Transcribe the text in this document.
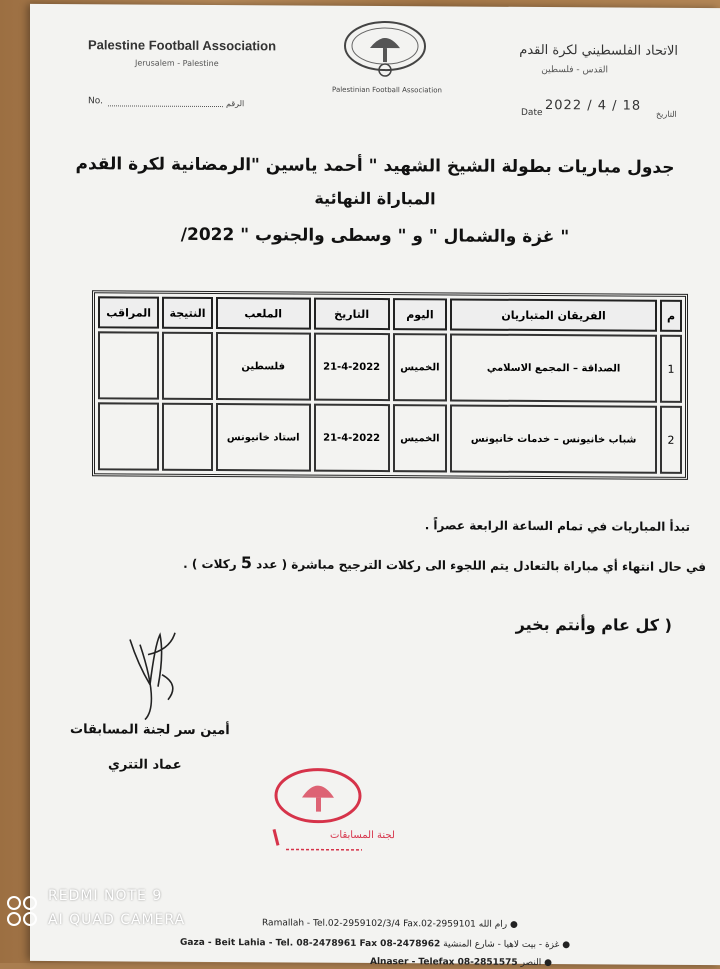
Palestine Football Association
Jerusalem - Palestine
الاتحاد الفلسطيني لكرة القدم
القدس - فلسطين
Palestinian Football Association
No.	الرقم
Date 2022 / 4 / 18
التاريخ
جدول مباريات بطولة الشيخ الشهيد " أحمد ياسين "الرمضانية لكرة القدم
المباراة النهائية
" غزة والشمال " و " وسطى والجنوب " 2022/
م	الفريقان المتباريان	اليوم	التاريخ	الملعب	النتيجة	المراقب
1	الصداقة – المجمع الاسلامي	الخميس	21-4-2022	فلسطين		
2	شباب خانيونس – خدمات خانيونس	الخميس	21-4-2022	استاد خانيونس		
تبدأ المباريات في تمام الساعة الرابعة عصراً .
في حال انتهاء أي مباراة بالتعادل يتم اللجوء الى ركلات الترجيح مباشرة ( عدد 5 ركلات ) .
( كل عام وأنتم بخير
أمين سر لجنة المسابقات
عماد التتري
لجنة المسابقات
Ramallah - Tel.02-2959102/3/4 Fax.02-2959101 رام الله ●
Gaza - Beit Lahia - Tel. 08-2478961 Fax 08-2478962 غزة - بيت لاهيا - شارع المنشية ●
Alnaser - Telefax 08-2851575 النصر ●
REDMI NOTE 9
AI QUAD CAMERA
